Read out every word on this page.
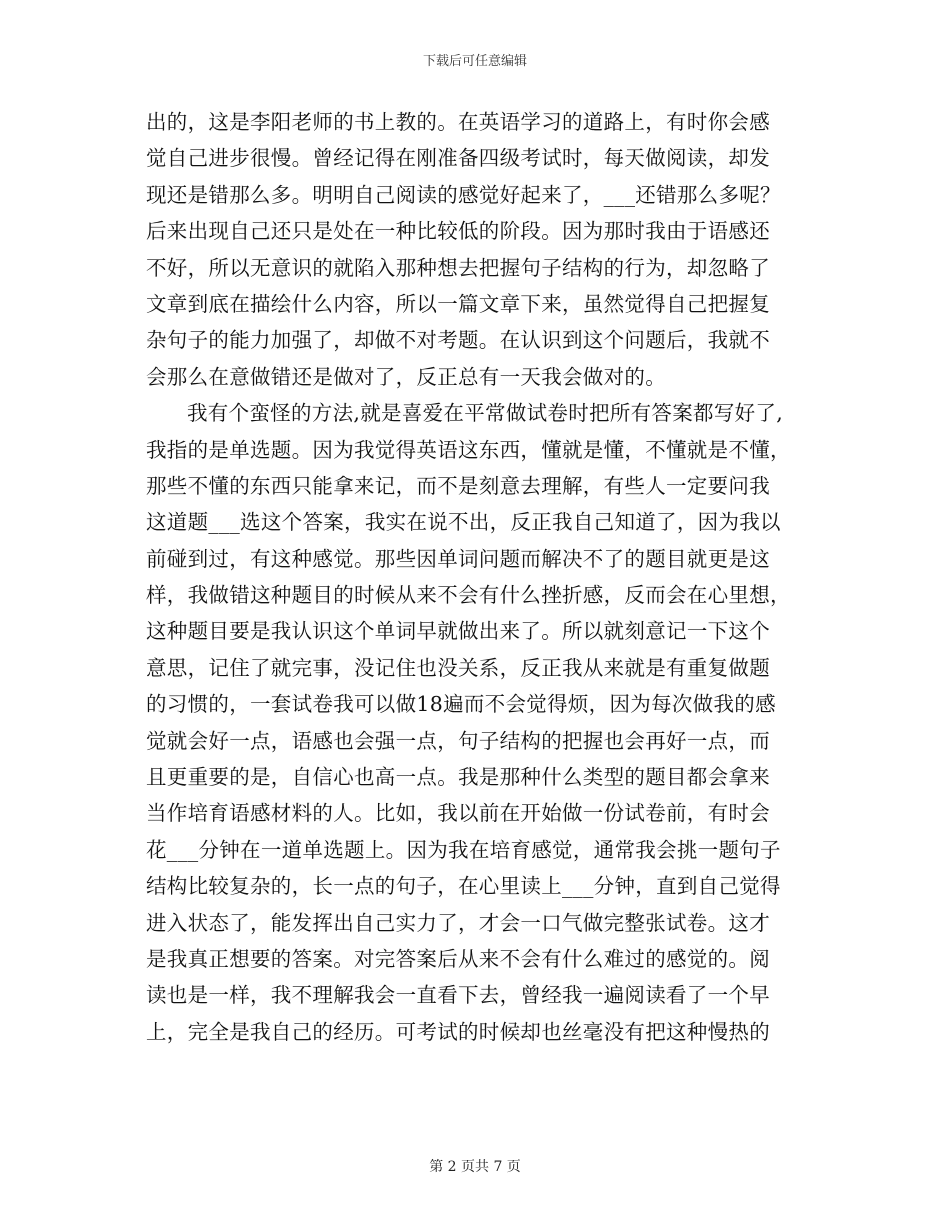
下载后可任意编辑
出的，这是李阳老师的书上教的。在英语学习的道路上，有时你会感
觉自己进步很慢。曾经记得在刚准备四级考试时，每天做阅读，却发
现还是错那么多。明明自己阅读的感觉好起来了，___还错那么多呢？
后来出现自己还只是处在一种比较低的阶段。因为那时我由于语感还
不好，所以无意识的就陷入那种想去把握句子结构的行为，却忽略了
文章到底在描绘什么内容，所以一篇文章下来，虽然觉得自己把握复
杂句子的能力加强了，却做不对考题。在认识到这个问题后，我就不
会那么在意做错还是做对了，反正总有一天我会做对的。
我有个蛮怪的方法,就是喜爱在平常做试卷时把所有答案都写好了,
我指的是单选题。因为我觉得英语这东西，懂就是懂，不懂就是不懂，
那些不懂的东西只能拿来记，而不是刻意去理解，有些人一定要问我
这道题___选这个答案，我实在说不出，反正我自己知道了，因为我以
前碰到过，有这种感觉。那些因单词问题而解决不了的题目就更是这
样，我做错这种题目的时候从来不会有什么挫折感，反而会在心里想，
这种题目要是我认识这个单词早就做出来了。所以就刻意记一下这个
意思，记住了就完事，没记住也没关系，反正我从来就是有重复做题
的习惯的，一套试卷我可以做18遍而不会觉得烦，因为每次做我的感
觉就会好一点，语感也会强一点，句子结构的把握也会再好一点，而
且更重要的是，自信心也高一点。我是那种什么类型的题目都会拿来
当作培育语感材料的人。比如，我以前在开始做一份试卷前，有时会
花___分钟在一道单选题上。因为我在培育感觉，通常我会挑一题句子
结构比较复杂的，长一点的句子，在心里读上___分钟，直到自己觉得
进入状态了，能发挥出自己实力了，才会一口气做完整张试卷。这才
是我真正想要的答案。对完答案后从来不会有什么难过的感觉的。阅
读也是一样，我不理解我会一直看下去，曾经我一遍阅读看了一个早
上，完全是我自己的经历。可考试的时候却也丝毫没有把这种慢热的
第 2 页共 7 页
